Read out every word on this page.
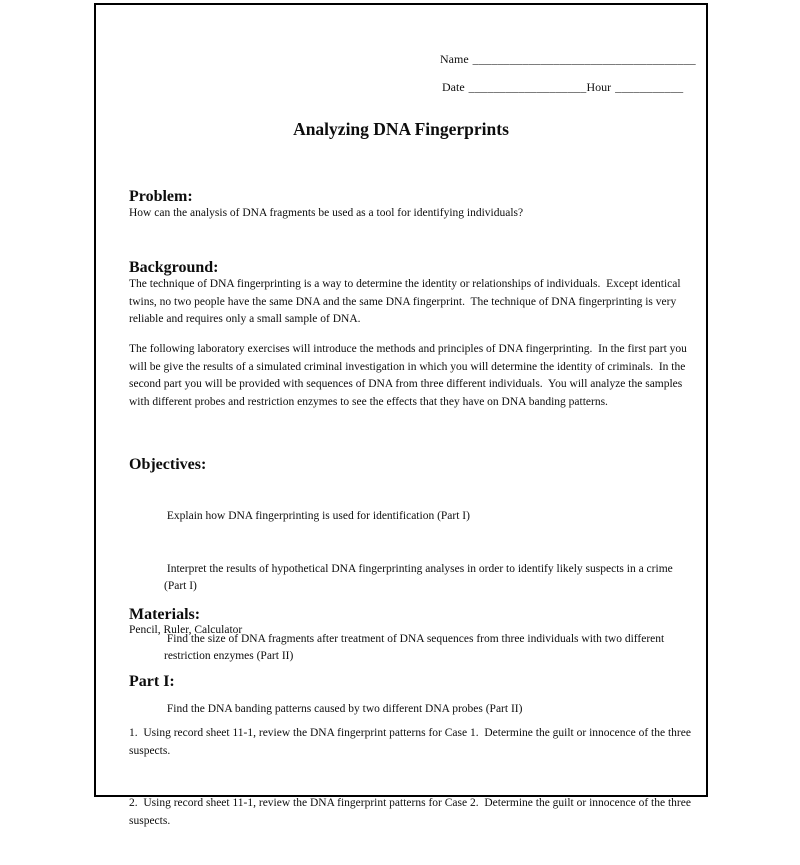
Name ____________________________________

Date ___________________Hour ___________

Analyzing DNA Fingerprints
Problem:
How can the analysis of DNA fragments be used as a tool for identifying individuals?
Background:
The technique of DNA fingerprinting is a way to determine the identity or relationships of individuals.  Except identical twins, no two people have the same DNA and the same DNA fingerprint.  The technique of DNA fingerprinting is very reliable and requires only a small sample of DNA.
The following laboratory exercises will introduce the methods and principles of DNA fingerprinting.  In the first part you will be give the results of a simulated criminal investigation in which you will determine the identity of criminals.  In the second part you will be provided with sequences of DNA from three different individuals.  You will analyze the samples with different probes and restriction enzymes to see the effects that they have on DNA banding patterns.
Objectives:

Explain how DNA fingerprinting is used for identification (Part I)

Interpret the results of hypothetical DNA fingerprinting analyses in order to identify likely suspects in a crime (Part I)

Find the size of DNA fragments after treatment of DNA sequences from three individuals with two different restriction enzymes (Part II)

Find the DNA banding patterns caused by two different DNA probes (Part II)

Materials:
Pencil, Ruler, Calculator
Part I:

1.  Using record sheet 11-1, review the DNA fingerprint patterns for Case 1.  Determine the guilt or innocence of the three suspects.

2.  Using record sheet 11-1, review the DNA fingerprint patterns for Case 2.  Determine the guilt or innocence of the three suspects.
